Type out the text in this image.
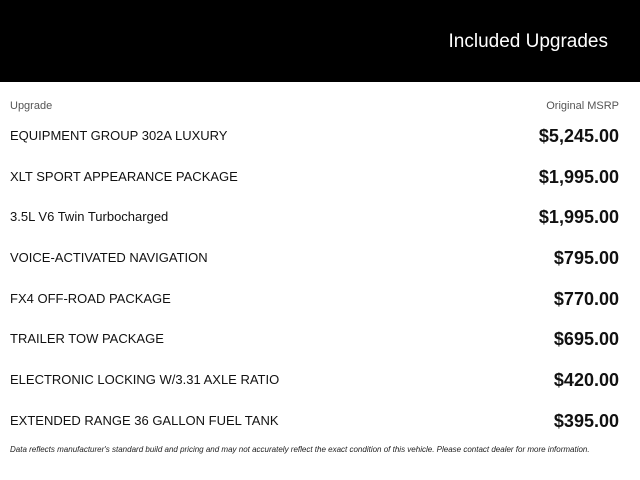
Included Upgrades
Upgrade	Original MSRP
EQUIPMENT GROUP 302A LUXURY	$5,245.00
XLT SPORT APPEARANCE PACKAGE	$1,995.00
3.5L V6 Twin Turbocharged	$1,995.00
VOICE-ACTIVATED NAVIGATION	$795.00
FX4 OFF-ROAD PACKAGE	$770.00
TRAILER TOW PACKAGE	$695.00
ELECTRONIC LOCKING W/3.31 AXLE RATIO	$420.00
EXTENDED RANGE 36 GALLON FUEL TANK	$395.00
Data reflects manufacturer's standard build and pricing and may not accurately reflect the exact condition of this vehicle. Please contact dealer for more information.
